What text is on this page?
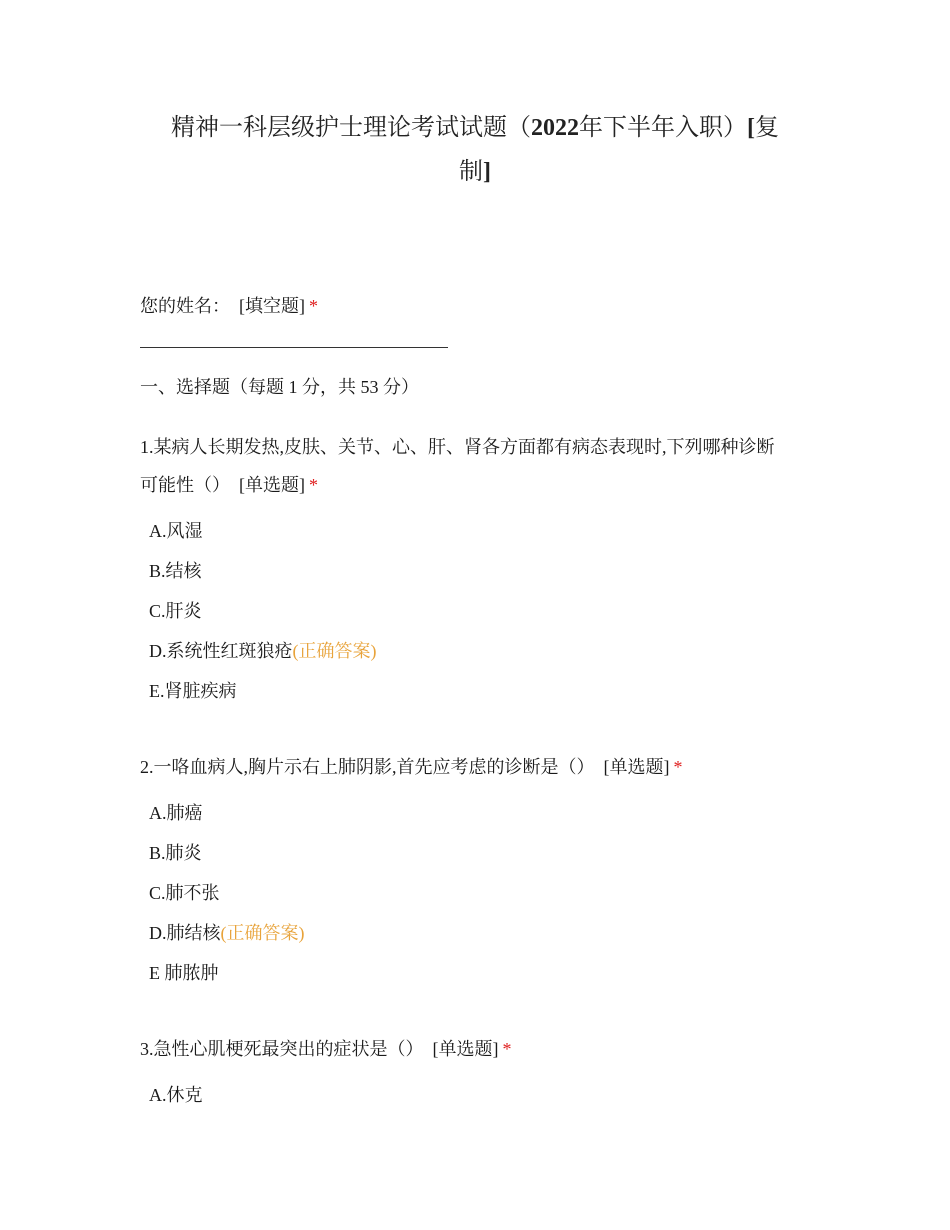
精神一科层级护士理论考试试题（2022年下半年入职）[复
制]
您的姓名： [填空题] *
一、选择题（每题 1 分，共 53 分）
1.某病人长期发热,皮肤、关节、心、肝、肾各方面都有病态表现时,下列哪种诊断
可能性（） [单选题] *
A.风湿
B.结核
C.肝炎
D.系统性红斑狼疮(正确答案)
E.肾脏疾病
2.一咯血病人,胸片示右上肺阴影,首先应考虑的诊断是（） [单选题] *
A.肺癌
B.肺炎
C.肺不张
D.肺结核(正确答案)
E 肺脓肿
3.急性心肌梗死最突出的症状是（） [单选题] *
A.休克
